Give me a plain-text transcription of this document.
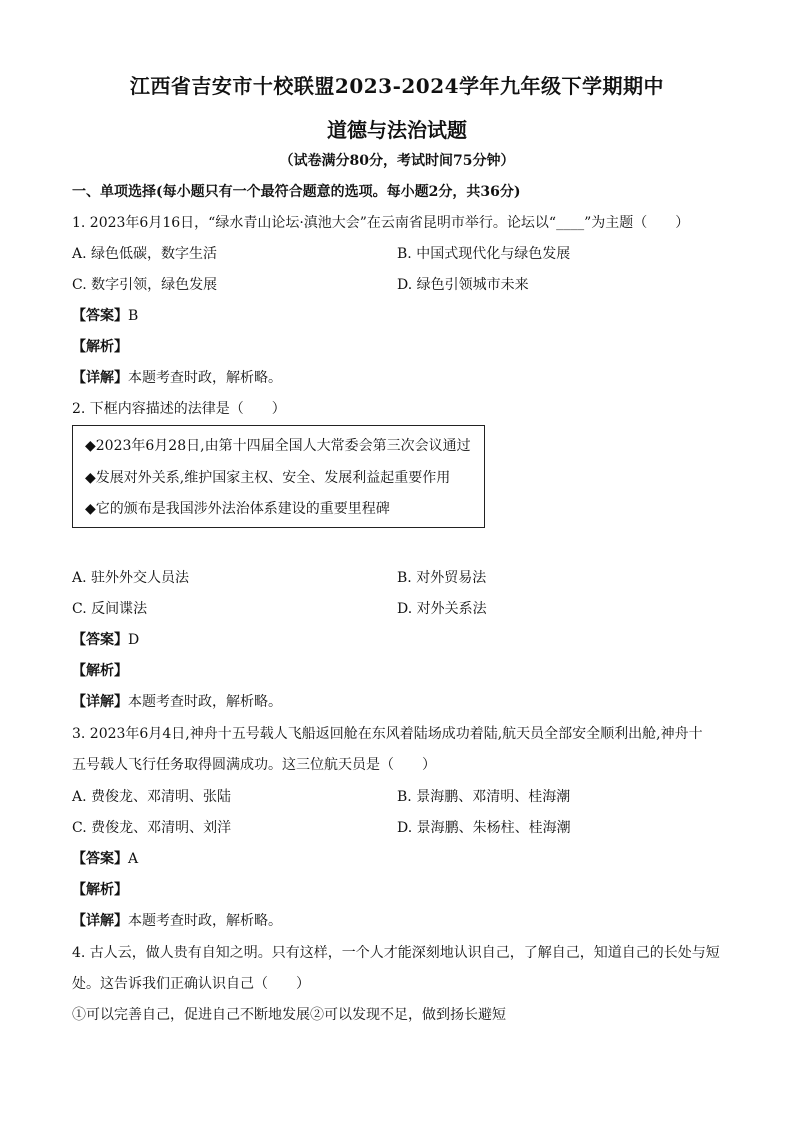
江西省吉安市十校联盟2023-2024学年九年级下学期期中
道德与法治试题
（试卷满分80分，考试时间75分钟）
一、单项选择(每小题只有一个最符合题意的选项。每小题2分，共36分)
1. 2023年6月16日，“绿水青山论坛·滇池大会”在云南省昆明市举行。论坛以“____”为主题（　　）
A. 绿色低碳，数字生活	B. 中国式现代化与绿色发展
C. 数字引领，绿色发展	D. 绿色引领城市未来
【答案】B
【解析】
【详解】本题考查时政，解析略。
2. 下框内容描述的法律是（　　）
◆2023年6月28日,由第十四届全国人大常委会第三次会议通过
◆发展对外关系,维护国家主权、安全、发展利益起重要作用
◆它的颁布是我国涉外法治体系建设的重要里程碑
A. 驻外外交人员法	B. 对外贸易法
C. 反间谍法	D. 对外关系法
【答案】D
【解析】
【详解】本题考查时政，解析略。
3. 2023年6月4日,神舟十五号载人飞船返回舱在东风着陆场成功着陆,航天员全部安全顺利出舱,神舟十
五号载人飞行任务取得圆满成功。这三位航天员是（　　）
A. 费俊龙、邓清明、张陆	B. 景海鹏、邓清明、桂海潮
C. 费俊龙、邓清明、刘洋	D. 景海鹏、朱杨柱、桂海潮
【答案】A
【解析】
【详解】本题考查时政，解析略。
4. 古人云，做人贵有自知之明。只有这样，一个人才能深刻地认识自己，了解自己，知道自己的长处与短
处。这告诉我们正确认识自己（　　）
①可以完善自己，促进自己不断地发展②可以发现不足，做到扬长避短
